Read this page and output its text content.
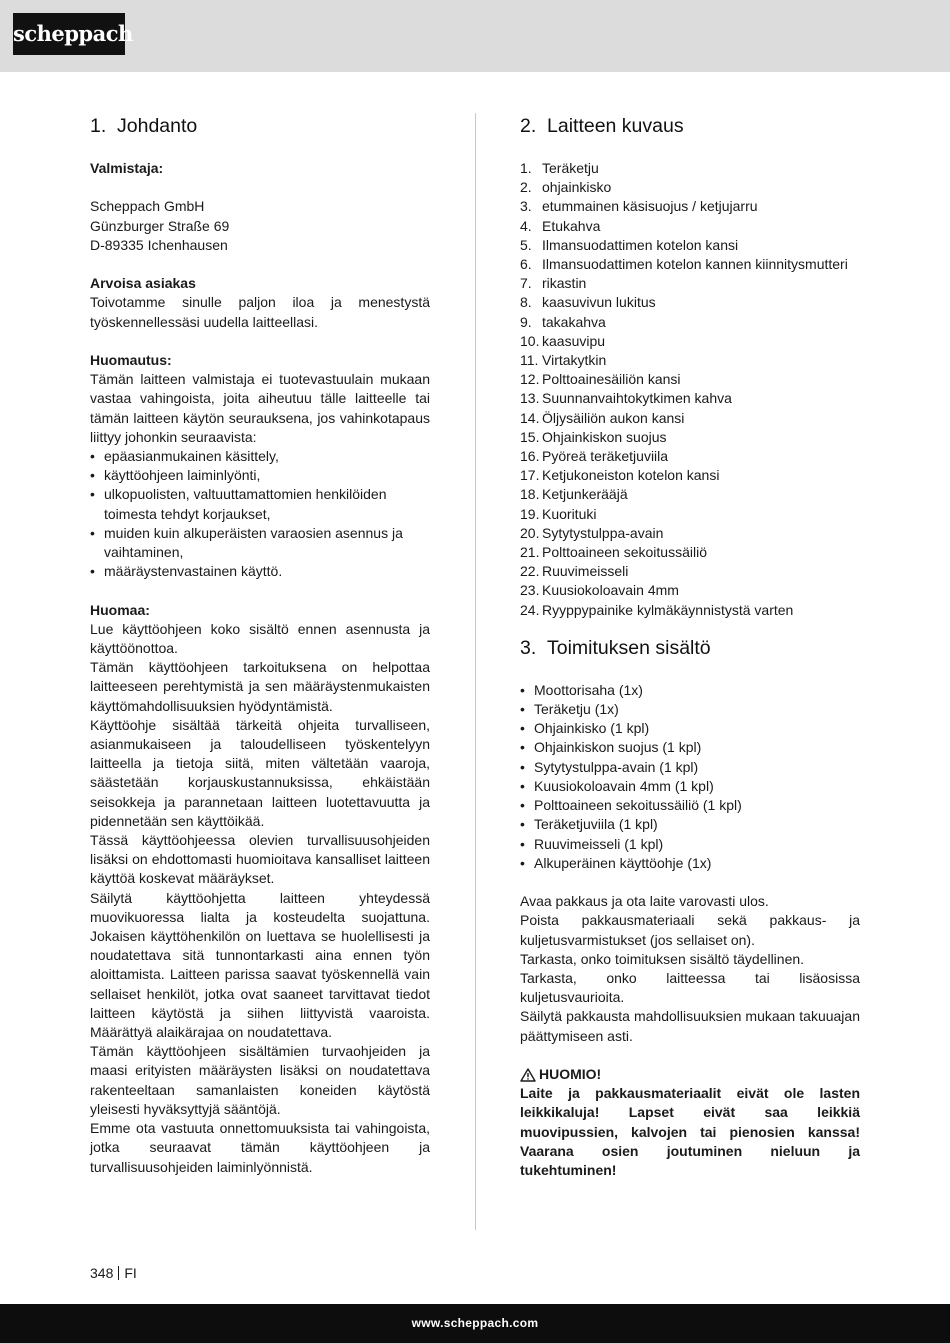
scheppach
1. Johdanto

Valmistaja:

Scheppach GmbH

Günzburger Straße 69

D-89335 Ichenhausen

Arvoisa asiakas

Toivotamme sinulle paljon iloa ja menestystä työskennellessäsi uudella laitteellasi.

Huomautus:

Tämän laitteen valmistaja ei tuotevastuulain mukaan vastaa vahingoista, joita aiheutuu tälle laitteelle tai tämän laitteen käytön seurauksena, jos vahinkotapaus liittyy johonkin seuraavista:

• epäasianmukainen käsittely,
• käyttöohjeen laiminlyönti,
• ulkopuolisten, valtuuttamattomien henkilöiden toimesta tehdyt korjaukset,
• muiden kuin alkuperäisten varaosien asennus ja vaihtaminen,
• määräystenvastainen käyttö.

Huomaa:

Lue käyttöohjeen koko sisältö ennen asennusta ja käyttöönottoa.

Tämän käyttöohjeen tarkoituksena on helpottaa laitteeseen perehtymistä ja sen määräystenmukaisten käyttömahdollisuuksien hyödyntämistä.

Käyttöohje sisältää tärkeitä ohjeita turvalliseen, asianmukaiseen ja taloudelliseen työskentelyyn laitteella ja tietoja siitä, miten vältetään vaaroja, säästetään korjauskustannuksissa, ehkäistään seisokkeja ja parannetaan laitteen luotettavuutta ja pidennetään sen käyttöikää.

Tässä käyttöohjeessa olevien turvallisuusohjeiden lisäksi on ehdottomasti huomioitava kansalliset laitteen käyttöä koskevat määräykset.

Säilytä käyttöohjetta laitteen yhteydessä muovikuoressa lialta ja kosteudelta suojattuna. Jokaisen käyttöhenkilön on luettava se huolellisesti ja noudatettava sitä tunnontarkasti aina ennen työn aloittamista. Laitteen parissa saavat työskennellä vain sellaiset henkilöt, jotka ovat saaneet tarvittavat tiedot laitteen käytöstä ja siihen liittyvistä vaaroista. Määrättyä alaikärajaa on noudatettava.

Tämän käyttöohjeen sisältämien turvaohjeiden ja maasi erityisten määräysten lisäksi on noudatettava rakenteeltaan samanlaisten koneiden käytöstä yleisesti hyväksyttyjä sääntöjä.

Emme ota vastuuta onnettomuuksista tai vahingoista, jotka seuraavat tämän käyttöohjeen ja turvallisuusohjeiden laiminlyönnistä.

2. Laitteen kuvaus
1. Teräketju
2. ohjainkisko
3. etummainen käsisuojus / ketjujarru
4. Etukahva
5. Ilmansuodattimen kotelon kansi
6. Ilmansuodattimen kotelon kannen kiinnitysmutteri
7. rikastin
8. kaasuvivun lukitus
9. takakahva
10. kaasuvipu
11. Virtakytkin
12. Polttoainesäiliön kansi
13. Suunnanvaihtokytkimen kahva
14. Öljysäiliön aukon kansi
15. Ohjainkiskon suojus
16. Pyöreä teräketjuviila
17. Ketjukoneiston kotelon kansi
18. Ketjunkerääjä
19. Kuorituki
20. Sytytystulppa-avain
21. Polttoaineen sekoitussäiliö
22. Ruuvimeisseli
23. Kuusiokoloavain 4mm
24. Ryyppypainike kylmäkäynnistystä varten
3. Toimituksen sisältö
• Moottorisaha (1x)
• Teräketju (1x)
• Ohjainkisko (1 kpl)
• Ohjainkiskon suojus (1 kpl)
• Sytytystulppa-avain (1 kpl)
• Kuusiokoloavain 4mm (1 kpl)
• Polttoaineen sekoitussäiliö (1 kpl)
• Teräketjuviila (1 kpl)
• Ruuvimeisseli (1 kpl)
• Alkuperäinen käyttöohje (1x)

Avaa pakkaus ja ota laite varovasti ulos.

Poista pakkausmateriaali sekä pakkaus- ja kuljetusvarmistukset (jos sellaiset on).

Tarkasta, onko toimituksen sisältö täydellinen.

Tarkasta, onko laitteessa tai lisäosissa kuljetusvaurioita.

Säilytä pakkausta mahdollisuuksien mukaan takuuajan päättymiseen asti.

HUOMIO!

Laite ja pakkausmateriaalit eivät ole lasten leikkikaluja! Lapset eivät saa leikkiä muovipussien, kalvojen tai pienosien kanssa! Vaarana osien joutuminen nieluun ja tukehtuminen!

348 FI
www.scheppach.com
